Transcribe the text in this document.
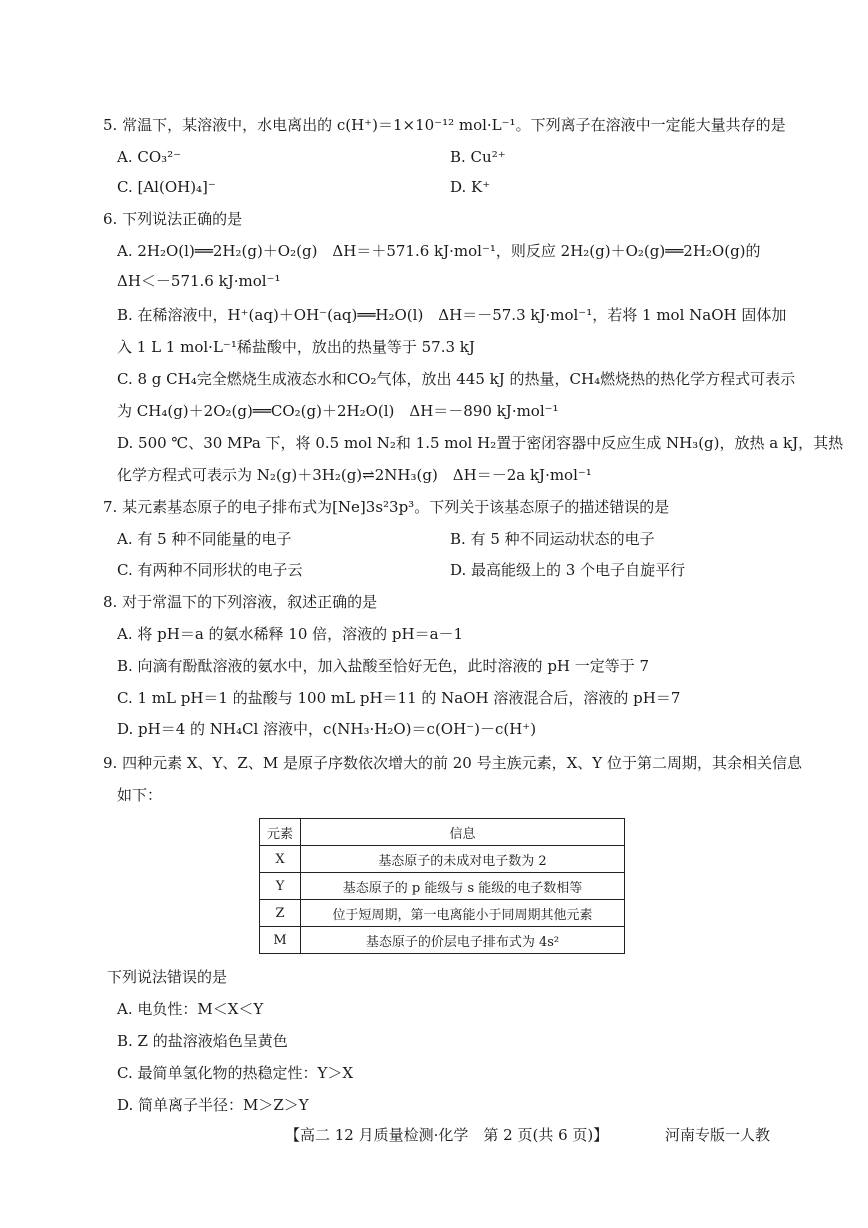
5. 常温下，某溶液中，水电离出的 c(H⁺)＝1×10⁻¹² mol·L⁻¹。下列离子在溶液中一定能大量共存的是
A. CO₃²⁻	B. Cu²⁺
C. [Al(OH)₄]⁻	D. K⁺
6. 下列说法正确的是
A. 2H₂O(l)══2H₂(g)＋O₂(g)　ΔH＝＋571.6 kJ·mol⁻¹，则反应 2H₂(g)＋O₂(g)══2H₂O(g)的
ΔH＜－571.6 kJ·mol⁻¹
B. 在稀溶液中，H⁺(aq)＋OH⁻(aq)══H₂O(l)　ΔH＝－57.3 kJ·mol⁻¹，若将 1 mol NaOH 固体加
入 1 L 1 mol·L⁻¹稀盐酸中，放出的热量等于 57.3 kJ
C. 8 g CH₄完全燃烧生成液态水和CO₂气体，放出 445 kJ 的热量，CH₄燃烧热的热化学方程式可表示
为 CH₄(g)＋2O₂(g)══CO₂(g)＋2H₂O(l)　ΔH＝－890 kJ·mol⁻¹
D. 500 ℃、30 MPa 下，将 0.5 mol N₂和 1.5 mol H₂置于密闭容器中反应生成 NH₃(g)，放热 a kJ，其热
化学方程式可表示为 N₂(g)＋3H₂(g)⇌2NH₃(g)　ΔH＝－2a kJ·mol⁻¹
7. 某元素基态原子的电子排布式为[Ne]3s²3p³。下列关于该基态原子的描述错误的是
A. 有 5 种不同能量的电子	B. 有 5 种不同运动状态的电子
C. 有两种不同形状的电子云	D. 最高能级上的 3 个电子自旋平行
8. 对于常温下的下列溶液，叙述正确的是
A. 将 pH＝a 的氨水稀释 10 倍，溶液的 pH＝a－1
B. 向滴有酚酞溶液的氨水中，加入盐酸至恰好无色，此时溶液的 pH 一定等于 7
C. 1 mL pH＝1 的盐酸与 100 mL pH＝11 的 NaOH 溶液混合后，溶液的 pH＝7
D. pH＝4 的 NH₄Cl 溶液中，c(NH₃·H₂O)＝c(OH⁻)－c(H⁺)
9. 四种元素 X、Y、Z、M 是原子序数依次增大的前 20 号主族元素，X、Y 位于第二周期，其余相关信息
如下：
元素	信息
X	基态原子的未成对电子数为 2
Y	基态原子的 p 能级与 s 能级的电子数相等
Z	位于短周期，第一电离能小于同周期其他元素
M	基态原子的价层电子排布式为 4s²
下列说法错误的是
A. 电负性：M＜X＜Y
B. Z 的盐溶液焰色呈黄色
C. 最简单氢化物的热稳定性：Y＞X
D. 简单离子半径：M＞Z＞Y
【高二 12 月质量检测·化学　第 2 页(共 6 页)】	河南专版一人教
